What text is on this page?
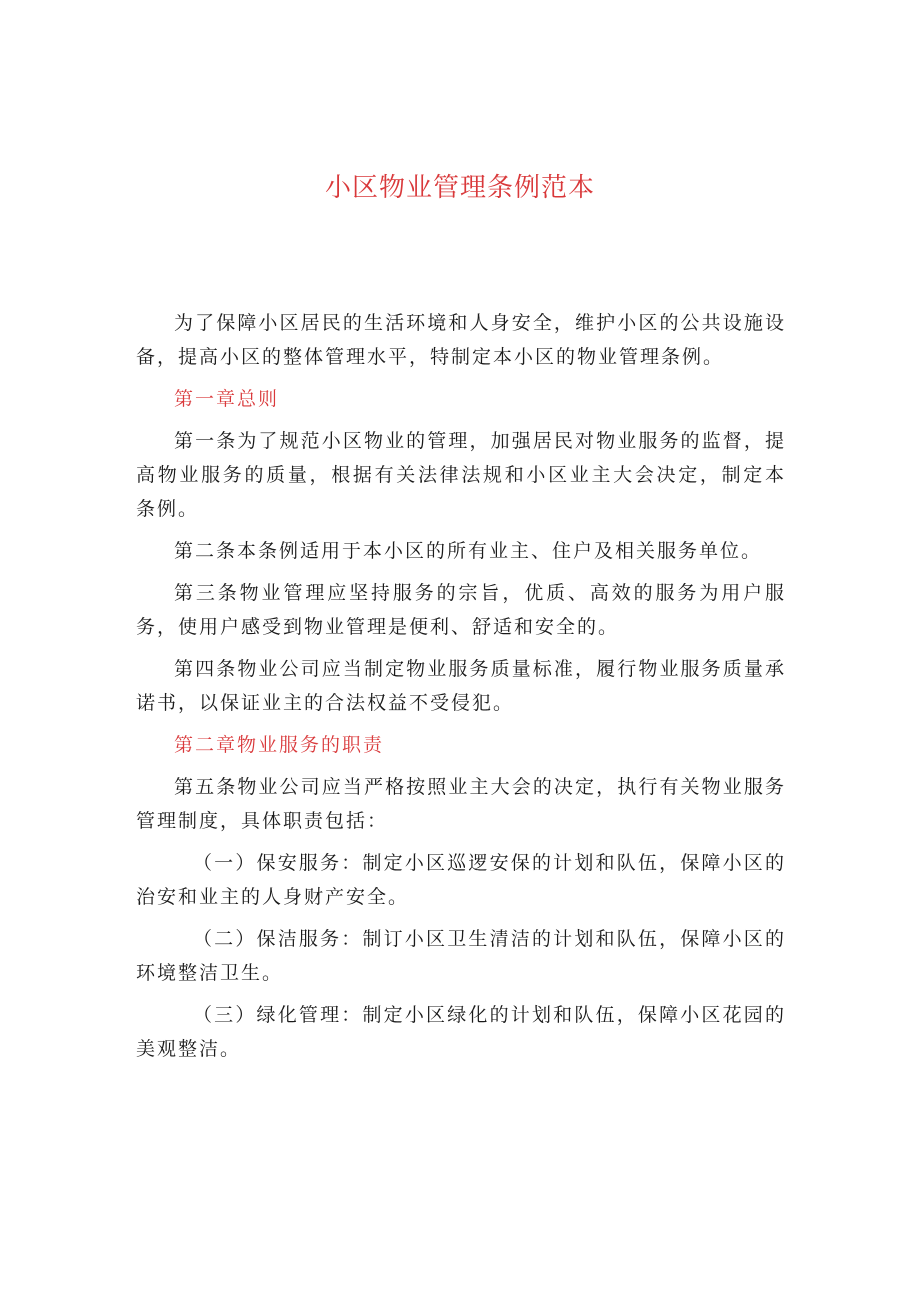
小区物业管理条例范本

为了保障小区居民的生活环境和人身安全，维护小区的公共设施设备，提高小区的整体管理水平，特制定本小区的物业管理条例。

第一章总则

第一条为了规范小区物业的管理，加强居民对物业服务的监督，提高物业服务的质量，根据有关法律法规和小区业主大会决定，制定本条例。

第二条本条例适用于本小区的所有业主、住户及相关服务单位。

第三条物业管理应坚持服务的宗旨，优质、高效的服务为用户服务，使用户感受到物业管理是便利、舒适和安全的。

第四条物业公司应当制定物业服务质量标准，履行物业服务质量承诺书，以保证业主的合法权益不受侵犯。

第二章物业服务的职责

第五条物业公司应当严格按照业主大会的决定，执行有关物业服务管理制度，具体职责包括：

（一）保安服务：制定小区巡逻安保的计划和队伍，保障小区的治安和业主的人身财产安全。

（二）保洁服务：制订小区卫生清洁的计划和队伍，保障小区的环境整洁卫生。

（三）绿化管理：制定小区绿化的计划和队伍，保障小区花园的美观整洁。
